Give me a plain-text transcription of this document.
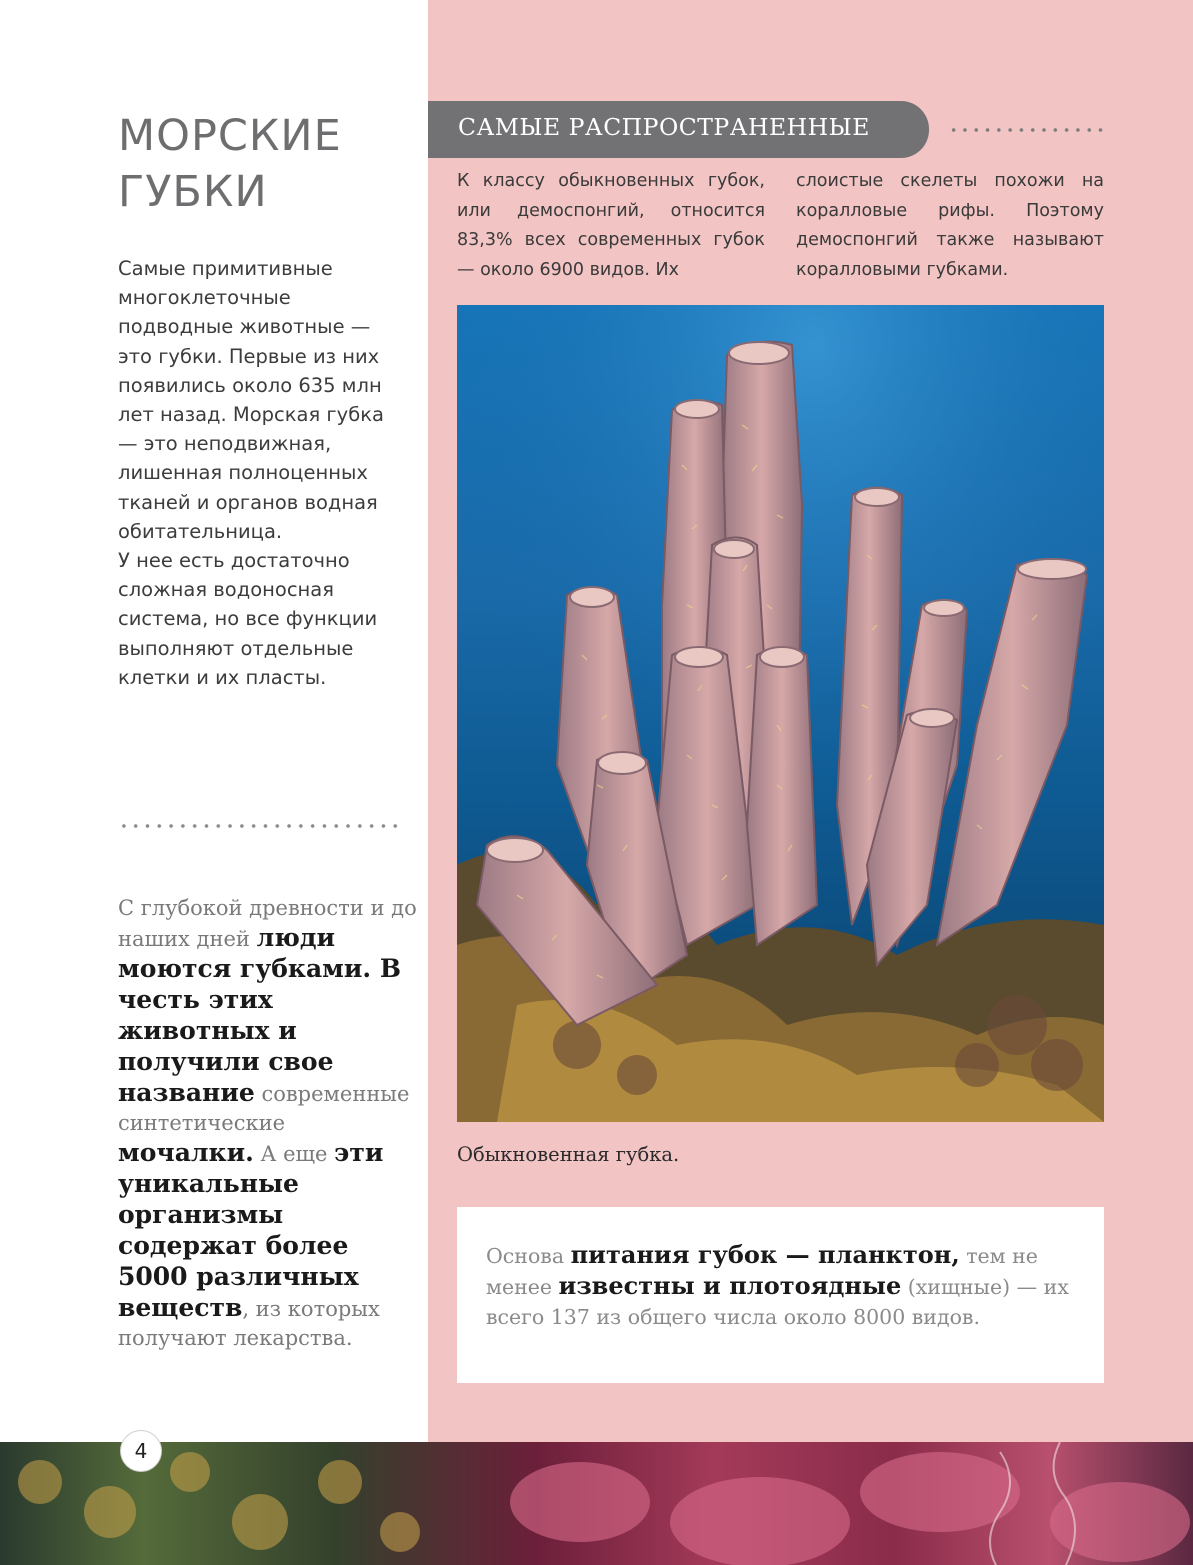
МОРСКИЕ
ГУБКИ

Самые примитивные многоклеточные подводные животные — это губки. Первые из них появились около 635 млн лет назад. Морская губка — это неподвижная, лишенная полноценных тканей и органов водная обитательница.

У нее есть достаточно сложная водоносная система, но все функции выполняют отдельные клетки и их пласты.

С глубокой древности и до наших дней люди моются губками. В честь этих животных и получили свое название современные синтетические мочалки. А еще эти уникальные организмы содержат более 5000 различных веществ, из которых получают лекарства.
САМЫЕ РАСПРОСТРАНЕННЫЕ
К классу обыкновенных губок, или демоспонгий, относится 83,3% всех современных губок — около 6900 видов. Их
слоистые скелеты похожи на коралловые рифы. Поэтому демоспонгий также называют коралловыми губками.
Обыкновенная губка.
Основа питания губок — планктон, тем не менее известны и плотоядные (хищные) — их всего 137 из общего числа около 8000 видов.
4
